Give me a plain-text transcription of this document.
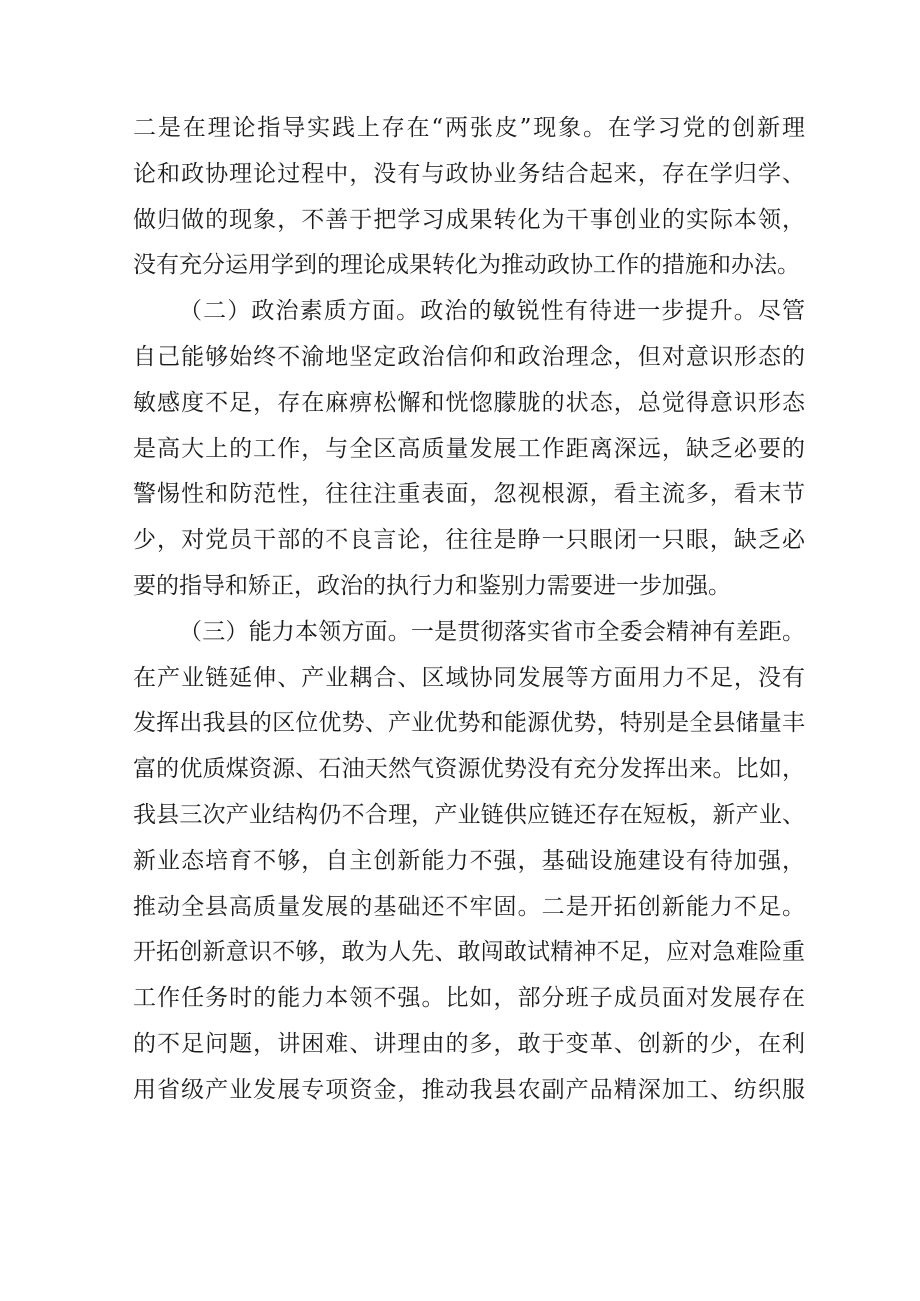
二是在理论指导实践上存在“两张皮”现象。在学习党的创新理
论和政协理论过程中，没有与政协业务结合起来，存在学归学、
做归做的现象，不善于把学习成果转化为干事创业的实际本领，
没有充分运用学到的理论成果转化为推动政协工作的措施和办法。
（二）政治素质方面。政治的敏锐性有待进一步提升。尽管
自己能够始终不渝地坚定政治信仰和政治理念，但对意识形态的
敏感度不足，存在麻痹松懈和恍惚朦胧的状态，总觉得意识形态
是高大上的工作，与全区高质量发展工作距离深远，缺乏必要的
警惕性和防范性，往往注重表面，忽视根源，看主流多，看末节
少，对党员干部的不良言论，往往是睁一只眼闭一只眼，缺乏必
要的指导和矫正，政治的执行力和鉴别力需要进一步加强。
（三）能力本领方面。一是贯彻落实省市全委会精神有差距。
在产业链延伸、产业耦合、区域协同发展等方面用力不足，没有
发挥出我县的区位优势、产业优势和能源优势，特别是全县储量丰
富的优质煤资源、石油天然气资源优势没有充分发挥出来。比如，
我县三次产业结构仍不合理，产业链供应链还存在短板，新产业、
新业态培育不够，自主创新能力不强，基础设施建设有待加强，
推动全县高质量发展的基础还不牢固。二是开拓创新能力不足。
开拓创新意识不够，敢为人先、敢闯敢试精神不足，应对急难险重
工作任务时的能力本领不强。比如，部分班子成员面对发展存在
的不足问题，讲困难、讲理由的多，敢于变革、创新的少，在利
用省级产业发展专项资金，推动我县农副产品精深加工、纺织服
